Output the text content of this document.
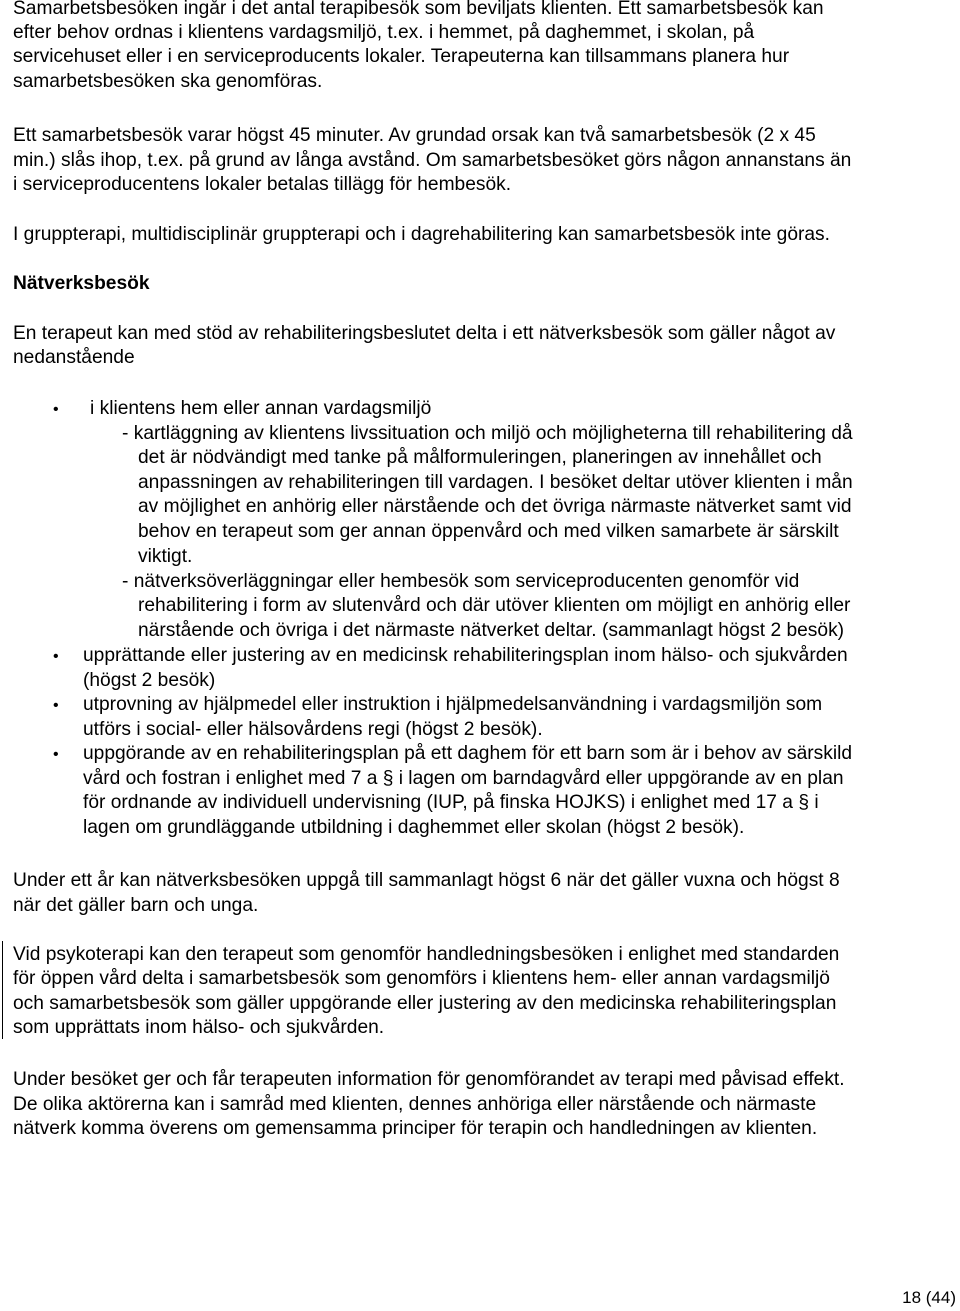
Samarbetsbesöken ingår i det antal terapibesök som beviljats klienten. Ett samarbetsbesök kan
efter behov ordnas i klientens vardagsmiljö, t.ex. i hemmet, på daghemmet, i skolan, på
servicehuset eller i en serviceproducents lokaler. Terapeuterna kan tillsammans planera hur
samarbetsbesöken ska genomföras.
Ett samarbetsbesök varar högst 45 minuter. Av grundad orsak kan två samarbetsbesök (2 x 45
min.) slås ihop, t.ex. på grund av långa avstånd. Om samarbetsbesöket görs någon annanstans än
i serviceproducentens lokaler betalas tillägg för hembesök.
I gruppterapi, multidisciplinär gruppterapi och i dagrehabilitering kan samarbetsbesök inte göras.
Nätverksbesök
En terapeut kan med stöd av rehabiliteringsbeslutet delta i ett nätverksbesök som gäller något av
nedanstående
• i klientens hem eller annan vardagsmiljö
- kartläggning av klientens livssituation och miljö och möjligheterna till rehabilitering då
det är nödvändigt med tanke på målformuleringen, planeringen av innehållet och
anpassningen av rehabiliteringen till vardagen. I besöket deltar utöver klienten i mån
av möjlighet en anhörig eller närstående och det övriga närmaste nätverket samt vid
behov en terapeut som ger annan öppenvård och med vilken samarbete är särskilt
viktigt.
- nätverksöverläggningar eller hembesök som serviceproducenten genomför vid
rehabilitering i form av slutenvård och där utöver klienten om möjligt en anhörig eller
närstående och övriga i det närmaste nätverket deltar. (sammanlagt högst 2 besök)
• upprättande eller justering av en medicinsk rehabiliteringsplan inom hälso- och sjukvården
(högst 2 besök)
• utprovning av hjälpmedel eller instruktion i hjälpmedelsanvändning i vardagsmiljön som
utförs i social- eller hälsovårdens regi (högst 2 besök).
• uppgörande av en rehabiliteringsplan på ett daghem för ett barn som är i behov av särskild
vård och fostran i enlighet med 7 a § i lagen om barndagvård eller uppgörande av en plan
för ordnande av individuell undervisning (IUP, på finska HOJKS) i enlighet med 17 a § i
lagen om grundläggande utbildning i daghemmet eller skolan (högst 2 besök).
Under ett år kan nätverksbesöken uppgå till sammanlagt högst 6 när det gäller vuxna och högst 8
när det gäller barn och unga.
Vid psykoterapi kan den terapeut som genomför handledningsbesöken i enlighet med standarden
för öppen vård delta i samarbetsbesök som genomförs i klientens hem- eller annan vardagsmiljö
och samarbetsbesök som gäller uppgörande eller justering av den medicinska rehabiliteringsplan
som upprättats inom hälso- och sjukvården.
Under besöket ger och får terapeuten information för genomförandet av terapi med påvisad effekt.
De olika aktörerna kan i samråd med klienten, dennes anhöriga eller närstående och närmaste
nätverk komma överens om gemensamma principer för terapin och handledningen av klienten.
18 (44)
